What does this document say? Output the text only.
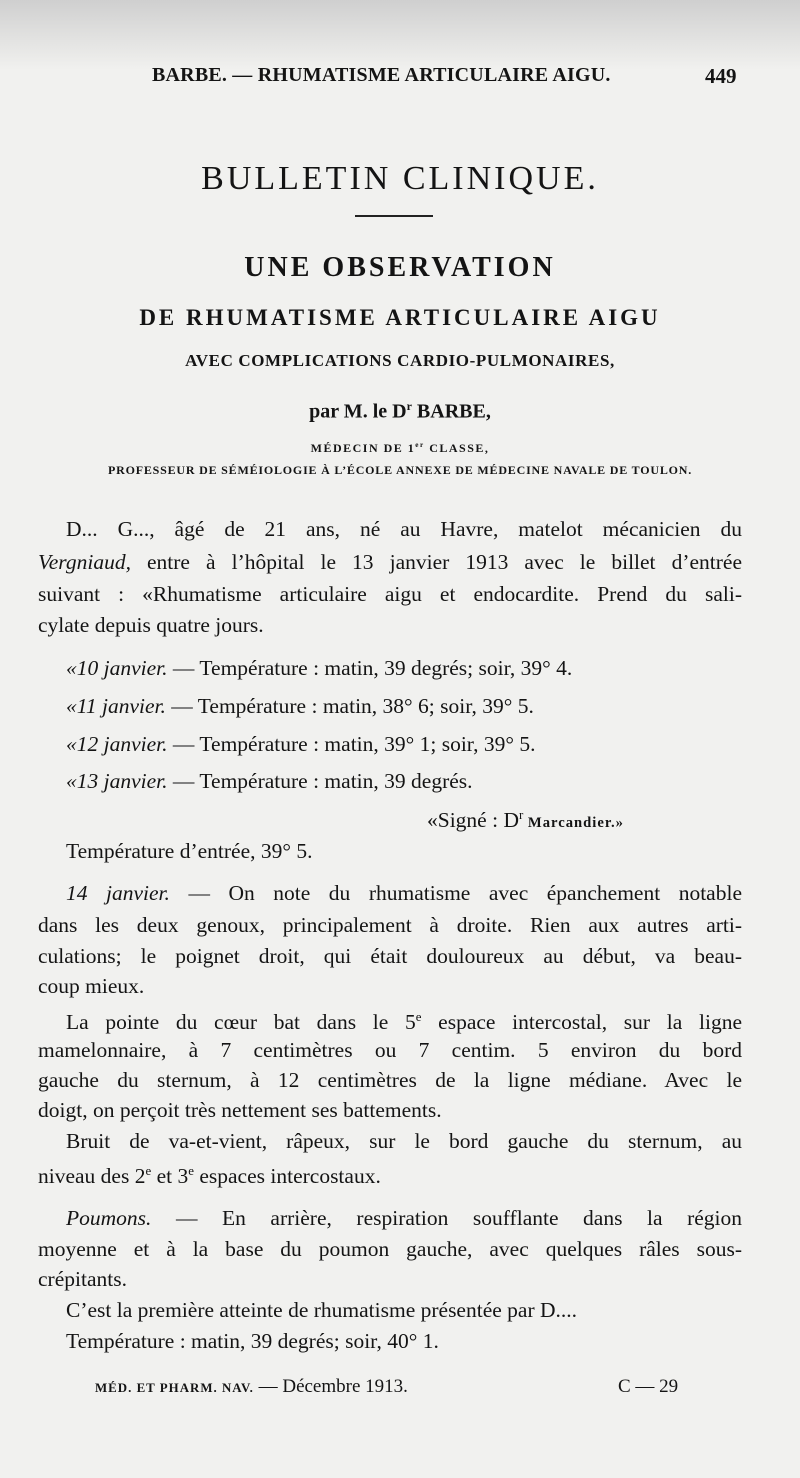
BARBE. — RHUMATISME ARTICULAIRE AIGU.	449
BULLETIN CLINIQUE.
UNE OBSERVATION
DE RHUMATISME ARTICULAIRE AIGU
AVEC COMPLICATIONS CARDIO-PULMONAIRES,
par M. le $D^r$ BARBE,
MÉDECIN DE 1er CLASSE,
PROFESSEUR DE SÉMÉIOLOGIE À L’ÉCOLE ANNEXE DE MÉDECINE NAVALE DE TOULON.
D... G..., âgé de 21 ans, né au Havre, matelot mécanicien du
Vergniaud, entre à l’hôpital le 13 janvier 1913 avec le billet d’entrée
suivant : «Rhumatisme articulaire aigu et endocardite. Prend du sali-
cylate depuis quatre jours.
«10 janvier. — Température : matin, 39 degrés; soir, 39° 4.
«11 janvier. — Température : matin, 38° 6; soir, 39° 5.
«12 janvier. — Température : matin, 39° 1; soir, 39° 5.
«13 janvier. — Température : matin, 39 degrés.
«Signé : $D^r$ Marcandier.»
Température d’entrée, 39° 5.
14 janvier. — On note du rhumatisme avec épanchement notable
dans les deux genoux, principalement à droite. Rien aux autres arti-
culations; le poignet droit, qui était douloureux au début, va beau-
coup mieux.
La pointe du cœur bat dans le 5e espace intercostal, sur la ligne
mamelonnaire, à 7 centimètres ou 7 centim. 5 environ du bord
gauche du sternum, à 12 centimètres de la ligne médiane. Avec le
doigt, on perçoit très nettement ses battements.
Bruit de va-et-vient, râpeux, sur le bord gauche du sternum, au
niveau des 2e et 3e espaces intercostaux.
Poumons. — En arrière, respiration soufflante dans la région
moyenne et à la base du poumon gauche, avec quelques râles sous-
crépitants.
C’est la première atteinte de rhumatisme présentée par D....
Température : matin, 39 degrés; soir, 40° 1.
MÉD. ET PHARM. NAV. — Décembre 1913.	C — 29
